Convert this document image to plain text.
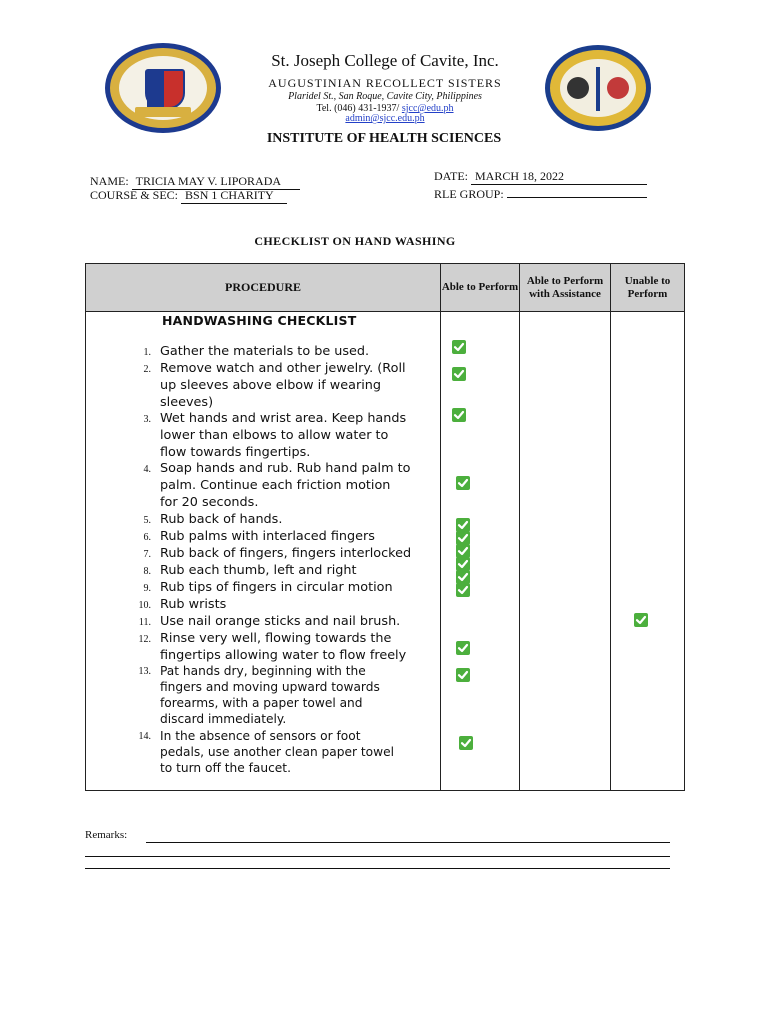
St. Joseph College of Cavite, Inc.
AUGUSTINIAN RECOLLECT SISTERS
Plaridel St., San Roque, Cavite City, Philippines
Tel. (046) 431-1937/ sjcc@edu.ph
admin@sjcc.edu.ph
INSTITUTE OF HEALTH SCIENCES
NAME: TRICIA MAY V. LIPORADA
COURSE & SEC: BSN 1 CHARITY
DATE: MARCH 18, 2022
RLE GROUP:
CHECKLIST ON HAND WASHING
PROCEDURE	Able to Perform
Able to Perform with Assistance
Unable to Perform
HANDWASHING CHECKLIST
1. Gather the materials to be used.
2. Remove watch and other jewelry. (Roll
up sleeves above elbow if wearing
sleeves)
3. Wet hands and wrist area. Keep hands
lower than elbows to allow water to
flow towards fingertips.
4. Soap hands and rub. Rub hand palm to
palm. Continue each friction motion
for 20 seconds.
5. Rub back of hands.
6. Rub palms with interlaced fingers
7. Rub back of fingers, fingers interlocked
8. Rub each thumb, left and right
9. Rub tips of fingers in circular motion
10. Rub wrists
11. Use nail orange sticks and nail brush.
12. Rinse very well, flowing towards the
fingertips allowing water to flow freely
13. Pat hands dry, beginning with the
fingers and moving upward towards
forearms, with a paper towel and
discard immediately.
14. In the absence of sensors or foot
pedals, use another clean paper towel
to turn off the faucet.
Remarks:
